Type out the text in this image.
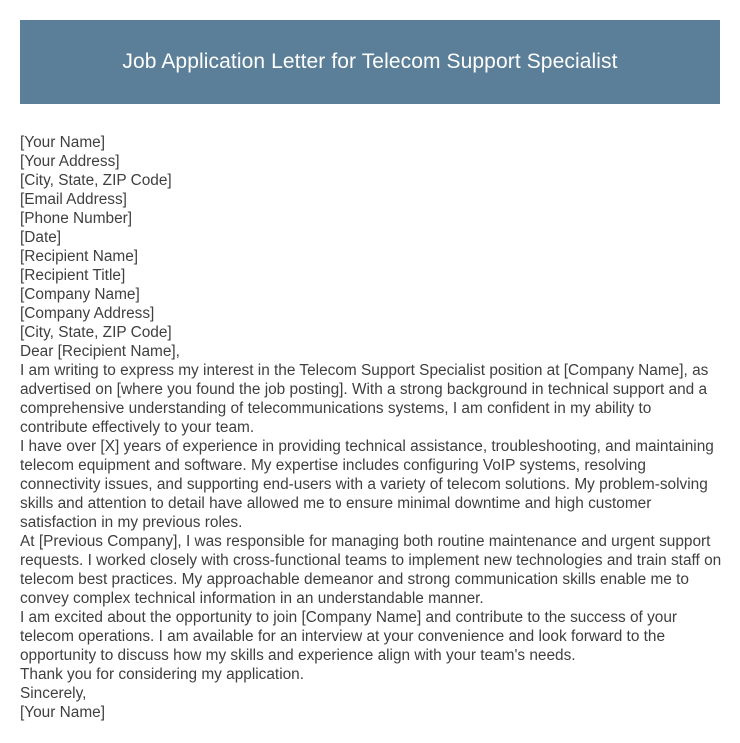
Job Application Letter for Telecom Support Specialist
[Your Name]
[Your Address]
[City, State, ZIP Code]
[Email Address]
[Phone Number]
[Date]
[Recipient Name]
[Recipient Title]
[Company Name]
[Company Address]
[City, State, ZIP Code]
Dear [Recipient Name],

I am writing to express my interest in the Telecom Support Specialist position at [Company Name], as advertised on [where you found the job posting]. With a strong background in technical support and a comprehensive understanding of telecommunications systems, I am confident in my ability to contribute effectively to your team.

I have over [X] years of experience in providing technical assistance, troubleshooting, and maintaining telecom equipment and software. My expertise includes configuring VoIP systems, resolving connectivity issues, and supporting end-users with a variety of telecom solutions. My problem-solving skills and attention to detail have allowed me to ensure minimal downtime and high customer satisfaction in my previous roles.

At [Previous Company], I was responsible for managing both routine maintenance and urgent support requests. I worked closely with cross-functional teams to implement new technologies and train staff on telecom best practices. My approachable demeanor and strong communication skills enable me to convey complex technical information in an understandable manner.

I am excited about the opportunity to join [Company Name] and contribute to the success of your telecom operations. I am available for an interview at your convenience and look forward to the opportunity to discuss how my skills and experience align with your team's needs.

Thank you for considering my application.

Sincerely,
[Your Name]
